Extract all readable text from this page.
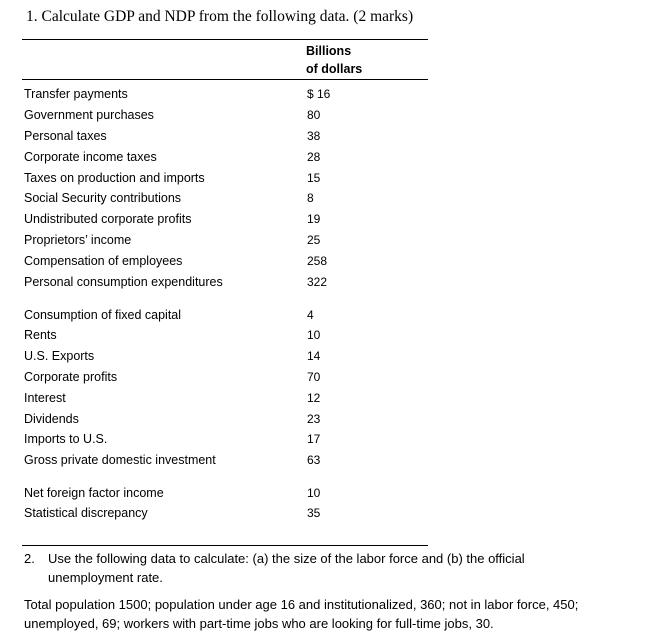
1. Calculate GDP and NDP from the following data. (2 marks)
Billions
of dollars
Transfer payments	$ 16
Government purchases	80
Personal taxes	38
Corporate income taxes	28
Taxes on production and imports	15
Social Security contributions	8
Undistributed corporate profits	19
Proprietors’ income	25
Compensation of employees	258
Personal consumption expenditures	322
Consumption of fixed capital	4
Rents	10
U.S. Exports	14
Corporate profits	70
Interest	12
Dividends	23
Imports to U.S.	17
Gross private domestic investment	63
Net foreign factor income	10
Statistical discrepancy	35
2. Use the following data to calculate: (a) the size of the labor force and (b) the official
unemployment rate.
Total population 1500; population under age 16 and institutionalized, 360; not in labor force, 450; unemployed, 69; workers with part-time jobs who are looking for full-time jobs, 30.
